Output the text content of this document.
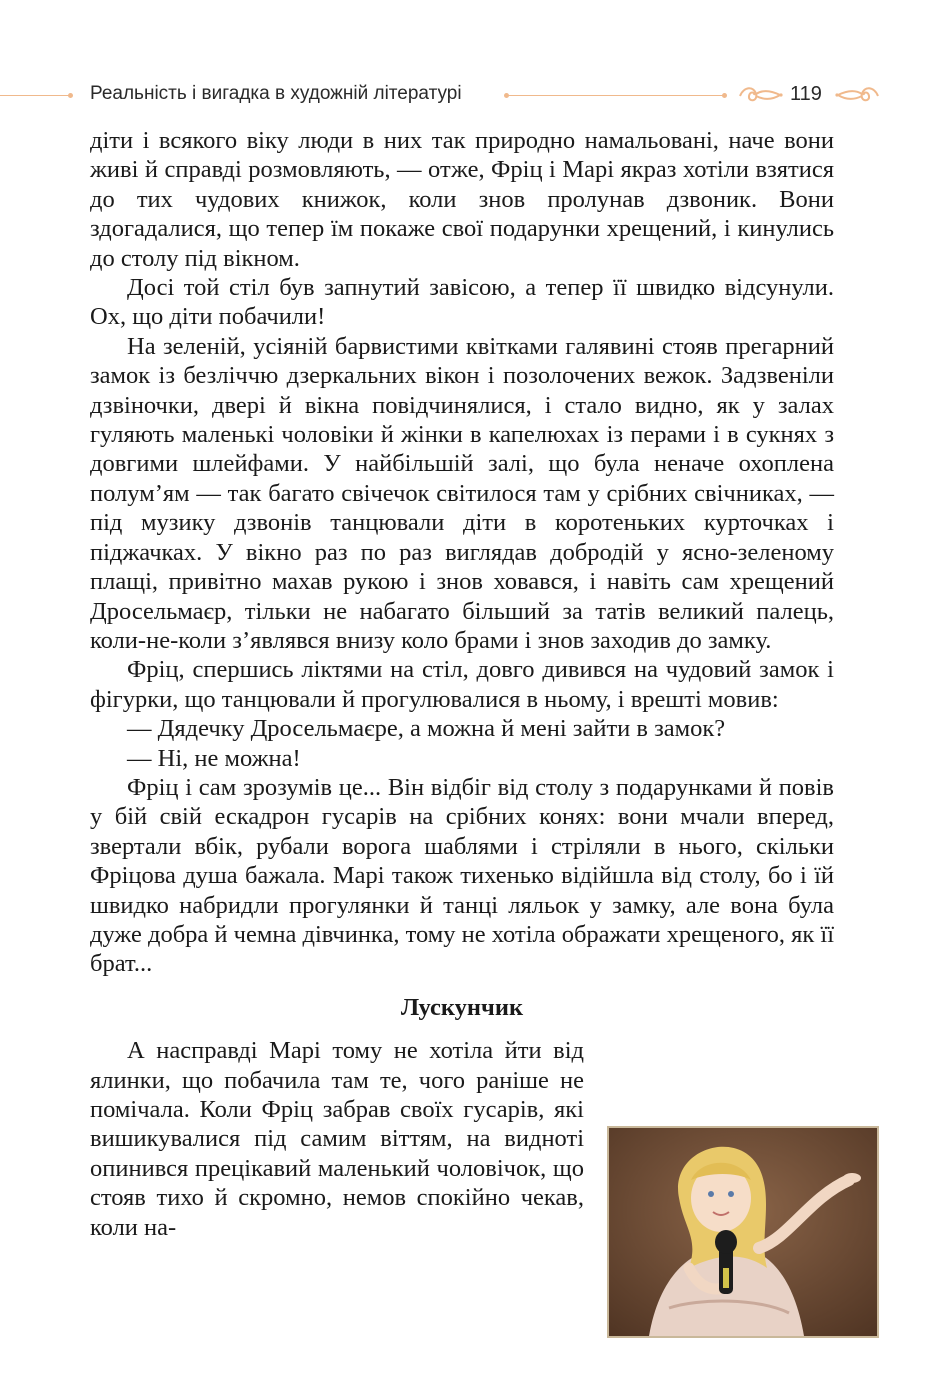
Реальність і вигадка в художній літературі	119

діти і всякого віку люди в них так природно намальовані, наче вони живі й справді розмовляють, — отже, Фріц і Марі якраз хотіли взятися до тих чудових книжок, коли знов пролунав дзвоник. Вони здогадалися, що тепер їм покаже свої подарунки хрещений, і кинулись до столу під вікном.

Досі той стіл був запнутий завісою, а тепер її швидко відсунули. Ох, що діти побачили!

На зеленій, усіяній барвистими квітками галявині стояв прегарний замок із безліччю дзеркальних вікон і позолочених вежок. Задзвеніли дзвіночки, двері й вікна повідчинялися, і стало видно, як у залах гуляють маленькі чоловіки й жінки в капелюхах із перами і в сукнях з довгими шлейфами. У найбільшій залі, що була неначе охоплена полум’ям — так багато свічечок світилося там у срібних свічниках, — під музику дзвонів танцювали діти в коротеньких курточках і піджачках. У вікно раз по раз виглядав добродій у ясно-зеленому плащі, привітно махав рукою і знов ховався, і навіть сам хрещений Дросельмаєр, тільки не набагато більший за татів великий палець, коли-не-коли з’являвся внизу коло брами і знов заходив до замку.

Фріц, спершись ліктями на стіл, довго дивився на чудовий замок і фігурки, що танцювали й прогулювалися в ньому, і врешті мовив:

— Дядечку Дросельмаєре, а можна й мені зайти в замок?

— Ні, не можна!

Фріц і сам зрозумів це... Він відбіг від столу з подарунками й повів у бій свій ескадрон гусарів на срібних конях: вони мчали вперед, звертали вбік, рубали ворога шаблями і стріляли в нього, скільки Фріцова душа бажала. Марі також тихенько відійшла від столу, бо і їй швидко набридли прогулянки й танці ляльок у замку, але вона була дуже добра й чемна дівчинка, тому не хотіла ображати хрещеного, як її брат...

Лускунчик

А насправді Марі тому не хотіла йти від ялинки, що побачила там те, чого раніше не помічала. Коли Фріц забрав своїх гусарів, які вишикувалися під самим віттям, на видноті опинився прецікавий маленький чоловічок, що стояв тихо й скромно, немов спокійно чекав, коли на-
